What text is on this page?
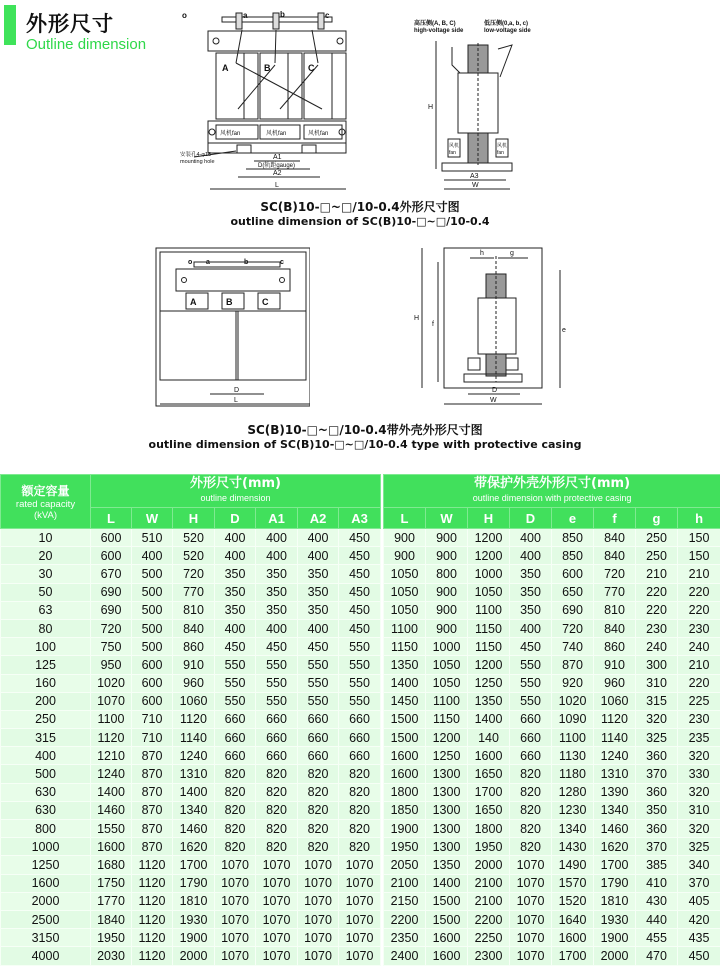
外形尺寸
Outline dimension
o	a	b	c
A	B	C
风机fan	风机fan	风机fan
安装孔4-φ18
mounting hole
A1
D(轨距gauge)
A2
L
高压侧(A, B, C)
high-voltage side
低压侧(0,a, b, c)
low-voltage side
H
A3
W
风机
fan
风机
fan
SC(B)10-□~□/10-0.4外形尺寸图
outline dimension of SC(B)10-□~□/10-0.4
o a	b	c
A	B	C
D
L
h	g
H
f
e
D
W
SC(B)10-□~□/10-0.4带外壳外形尺寸图
outline dimension of SC(B)10-□~□/10-0.4 type with protective casing
额定容量
rated capacity
(kVA)	外形尺寸(mm)
outline dimension								带保护外壳外形尺寸(mm)
outline dimension with protective casing							

	L	W	H	D	A1	A2	A3		L	W	H	D	e	f	g	h
10	600	510	520	400	400	400	450		900	900	1200	400	850	840	250	150
20	600	400	520	400	400	400	450		900	900	1200	400	850	840	250	150
30	670	500	720	350	350	350	450		1050	800	1000	350	600	720	210	210
50	690	500	770	350	350	350	450		1050	900	1050	350	650	770	220	220
63	690	500	810	350	350	350	450		1050	900	1100	350	690	810	220	220
80	720	500	840	400	400	400	450		1100	900	1150	400	720	840	230	230
100	750	500	860	450	450	450	550		1150	1000	1150	450	740	860	240	240
125	950	600	910	550	550	550	550		1350	1050	1200	550	870	910	300	210
160	1020	600	960	550	550	550	550		1400	1050	1250	550	920	960	310	220
200	1070	600	1060	550	550	550	550		1450	1100	1350	550	1020	1060	315	225
250	1100	710	1120	660	660	660	660		1500	1150	1400	660	1090	1120	320	230
315	1120	710	1140	660	660	660	660		1500	1200	140	660	1100	1140	325	235
400	1210	870	1240	660	660	660	660		1600	1250	1600	660	1130	1240	360	320
500	1240	870	1310	820	820	820	820		1600	1300	1650	820	1180	1310	370	330
630	1400	870	1400	820	820	820	820		1800	1300	1700	820	1280	1390	360	320
630	1460	870	1340	820	820	820	820		1850	1300	1650	820	1230	1340	350	310
800	1550	870	1460	820	820	820	820		1900	1300	1800	820	1340	1460	360	320
1000	1600	870	1620	820	820	820	820		1950	1300	1950	820	1430	1620	370	325
1250	1680	1120	1700	1070	1070	1070	1070		2050	1350	2000	1070	1490	1700	385	340
1600	1750	1120	1790	1070	1070	1070	1070		2100	1400	2100	1070	1570	1790	410	370
2000	1770	1120	1810	1070	1070	1070	1070		2150	1500	2100	1070	1520	1810	430	405
2500	1840	1120	1930	1070	1070	1070	1070		2200	1500	2200	1070	1640	1930	440	420
3150	1950	1120	1900	1070	1070	1070	1070		2350	1600	2250	1070	1600	1900	455	435
4000	2030	1120	2000	1070	1070	1070	1070		2400	1600	2300	1070	1700	2000	470	450
